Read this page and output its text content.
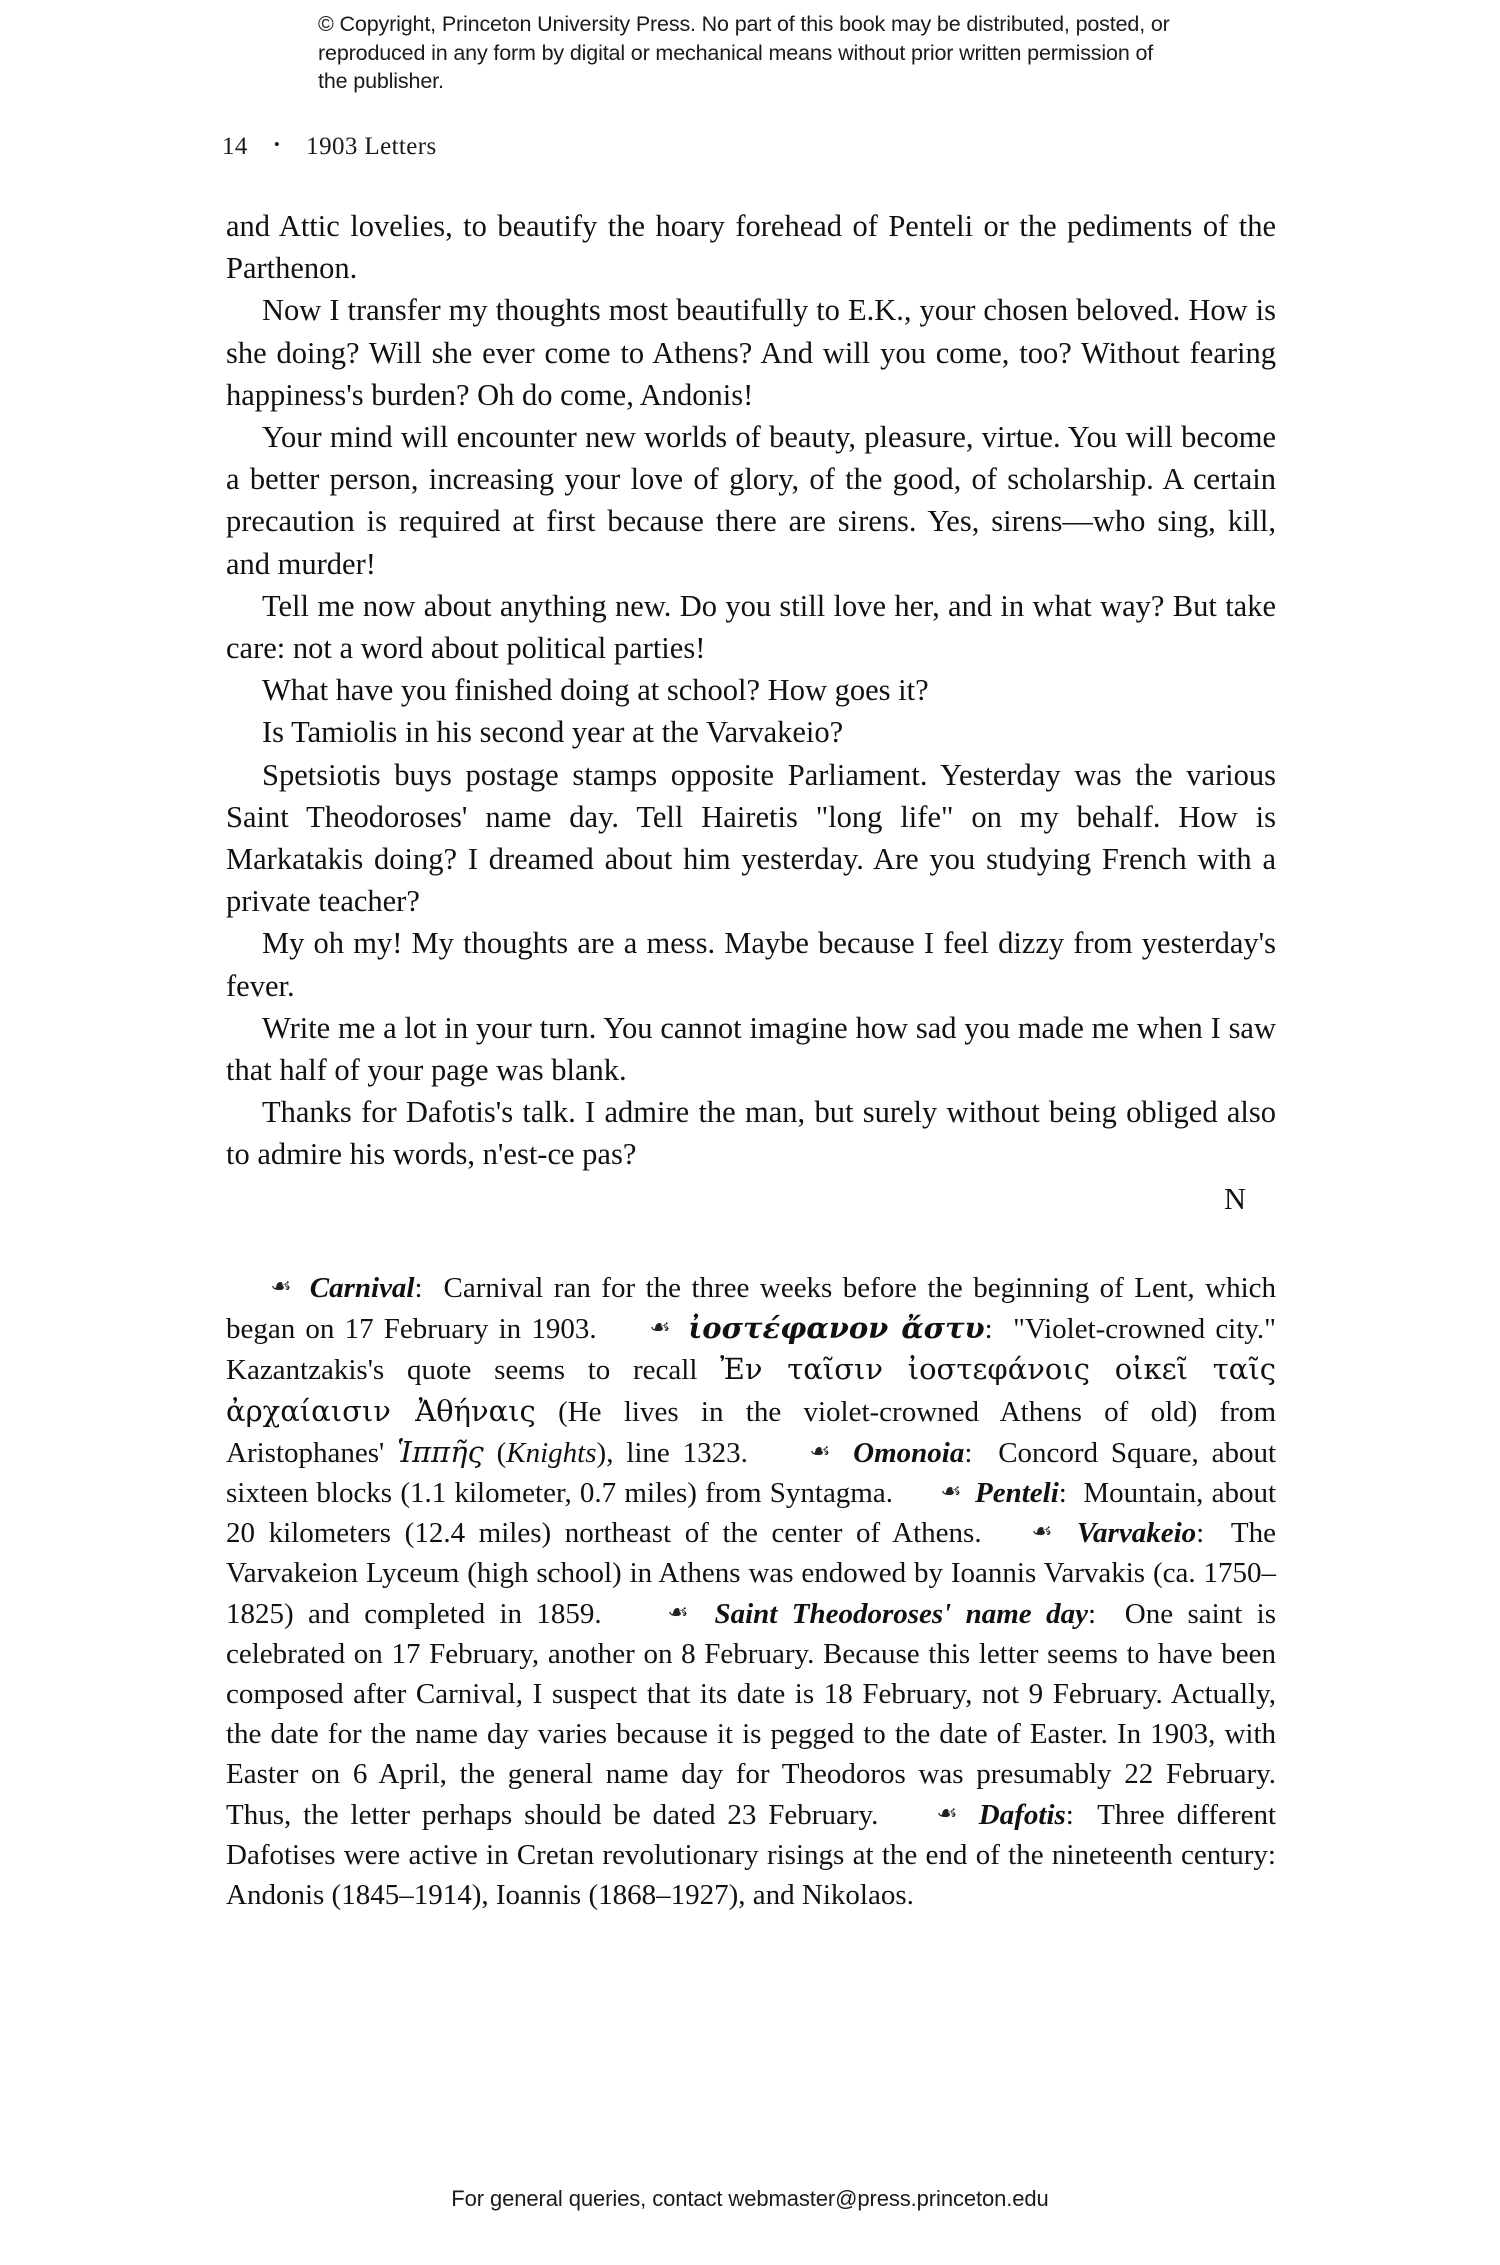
© Copyright, Princeton University Press. No part of this book may be distributed, posted, or reproduced in any form by digital or mechanical means without prior written permission of the publisher.
14 • 1903 Letters

and Attic lovelies, to beautify the hoary forehead of Penteli or the pediments of the Parthenon.

Now I transfer my thoughts most beautifully to E.K., your chosen beloved. How is she doing? Will she ever come to Athens? And will you come, too? Without fearing happiness's burden? Oh do come, Andonis!

Your mind will encounter new worlds of beauty, pleasure, virtue. You will become a better person, increasing your love of glory, of the good, of scholarship. A certain precaution is required at first because there are sirens. Yes, sirens—who sing, kill, and murder!

Tell me now about anything new. Do you still love her, and in what way? But take care: not a word about political parties!

What have you finished doing at school? How goes it?

Is Tamiolis in his second year at the Varvakeio?

Spetsiotis buys postage stamps opposite Parliament. Yesterday was the various Saint Theodoroses' name day. Tell Hairetis "long life" on my behalf. How is Markatakis doing? I dreamed about him yesterday. Are you studying French with a private teacher?

My oh my! My thoughts are a mess. Maybe because I feel dizzy from yesterday's fever.

Write me a lot in your turn. You cannot imagine how sad you made me when I saw that half of your page was blank.

Thanks for Dafotis's talk. I admire the man, but surely without being obliged also to admire his words, n'est-ce pas?

N

☙ Carnival: Carnival ran for the three weeks before the beginning of Lent, which began on 17 February in 1903.	☙ ἰοστέφανον ἄστυ: "Violet-crowned city." Kazantzakis's quote seems to recall Ἐν ταῖσιν ἰοστεφάνοις οἰκεῖ ταῖς ἀρχαίαισιν Ἀθήναις (He lives in the violet-crowned Athens of old) from Aristophanes' Ἱππῆς (Knights), line 1323.	☙ Omonoia: Concord Square, about sixteen blocks (1.1 kilometer, 0.7 miles) from Syntagma. ☙ Penteli: Mountain, about 20 kilometers (12.4 miles) northeast of the center of Athens. ☙ Varvakeio: The Varvakeion Lyceum (high school) in Athens was endowed by Ioannis Varvakis (ca. 1750–1825) and completed in 1859.	☙ Saint Theodoroses' name day: One saint is celebrated on 17 February, another on 8 February. Because this letter seems to have been composed after Carnival, I suspect that its date is 18 February, not 9 February. Actually, the date for the name day varies because it is pegged to the date of Easter. In 1903, with Easter on 6 April, the general name day for Theodoros was presumably 22 February. Thus, the letter perhaps should be dated 23 February.	☙ Dafotis: Three different Dafotises were active in Cretan revolutionary risings at the end of the nineteenth century: Andonis (1845–1914), Ioannis (1868–1927), and Nikolaos.

For general queries, contact webmaster@press.princeton.edu
